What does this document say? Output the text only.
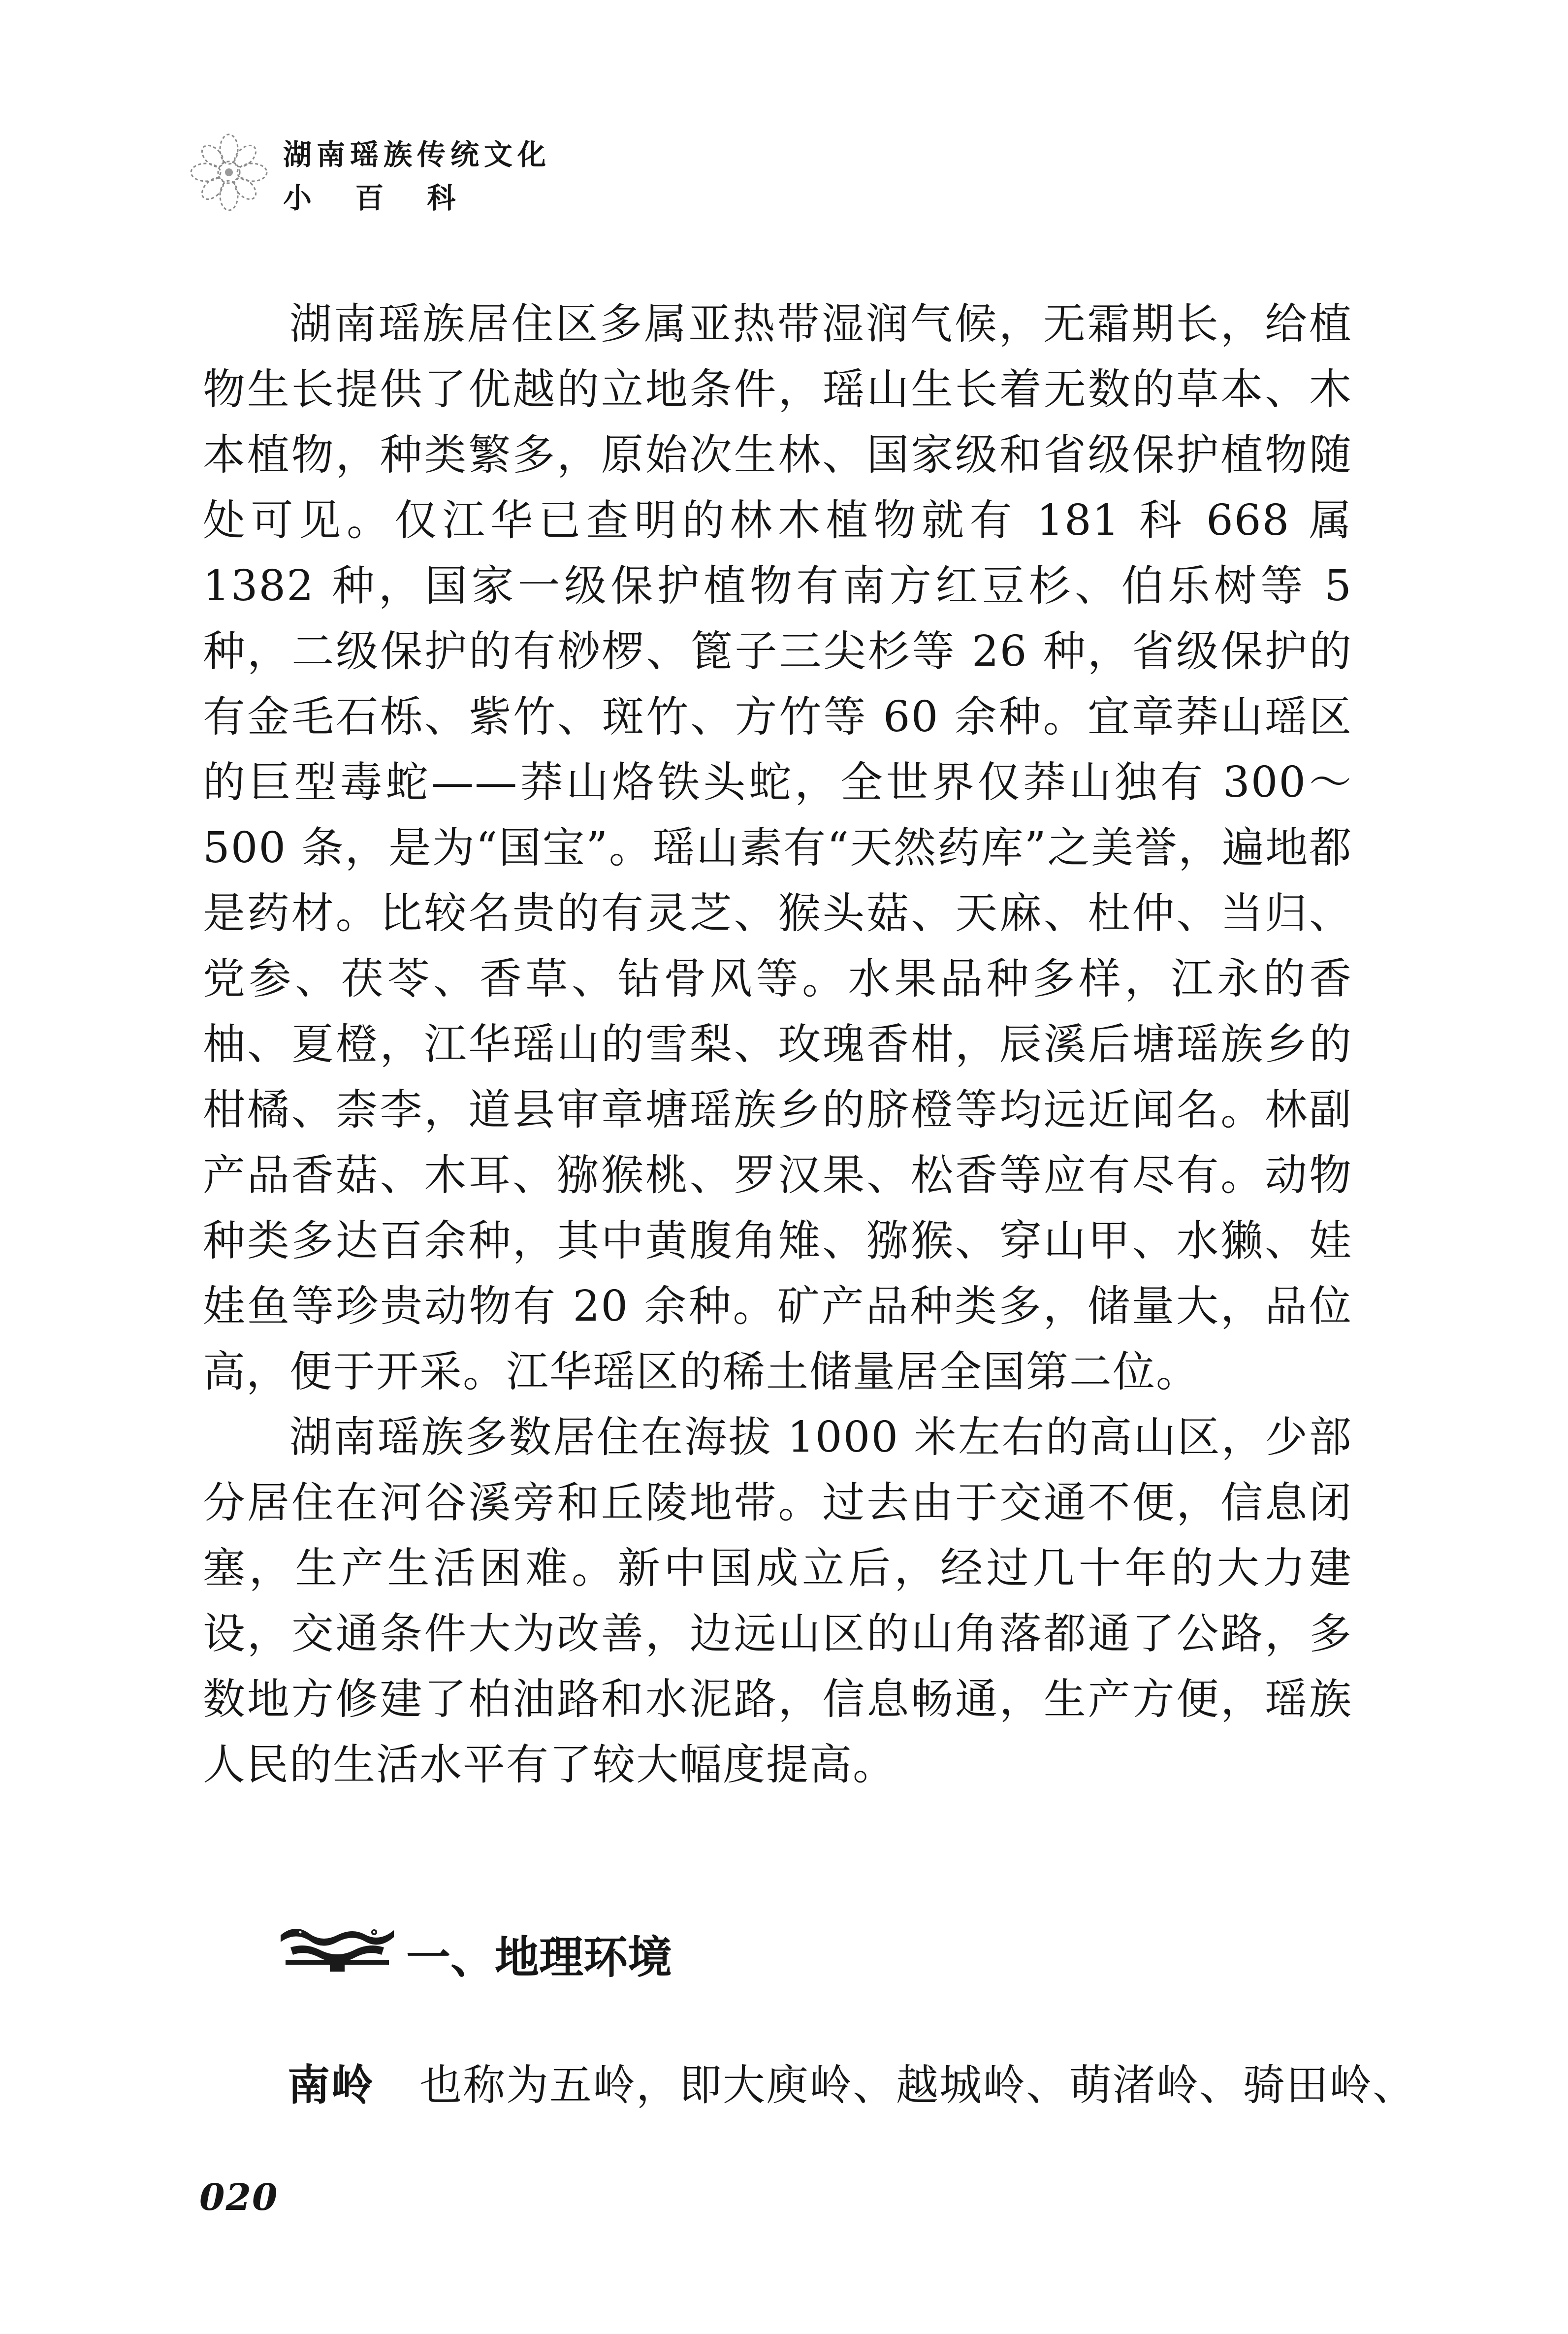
湖南瑶族传统文化
小 百 科

湖南瑶族居住区多属亚热带湿润气候，无霜期长，给植物生长提供了优越的立地条件，瑶山生长着无数的草本、木本植物，种类繁多，原始次生林、国家级和省级保护植物随处可见。仅江华已查明的林木植物就有 181 科 668 属 1382 种，国家一级保护植物有南方红豆杉、伯乐树等 5 种，二级保护的有桫椤、篦子三尖杉等 26 种，省级保护的有金毛石栎、紫竹、斑竹、方竹等 60 余种。宜章莽山瑶区的巨型毒蛇——莽山烙铁头蛇，全世界仅莽山独有 300～500 条，是为“国宝”。瑶山素有“天然药库”之美誉，遍地都是药材。比较名贵的有灵芝、猴头菇、天麻、杜仲、当归、党参、茯苓、香草、钻骨风等。水果品种多样，江永的香柚、夏橙，江华瑶山的雪梨、玫瑰香柑，辰溪后塘瑶族乡的柑橘、柰李，道县审章塘瑶族乡的脐橙等均远近闻名。林副产品香菇、木耳、猕猴桃、罗汉果、松香等应有尽有。动物种类多达百余种，其中黄腹角雉、猕猴、穿山甲、水獭、娃娃鱼等珍贵动物有 20 余种。矿产品种类多，储量大，品位高，便于开采。江华瑶区的稀土储量居全国第二位。

湖南瑶族多数居住在海拔 1000 米左右的高山区，少部分居住在河谷溪旁和丘陵地带。过去由于交通不便，信息闭塞，生产生活困难。新中国成立后，经过几十年的大力建设，交通条件大为改善，边远山区的山角落都通了公路，多数地方修建了柏油路和水泥路，信息畅通，生产方便，瑶族人民的生活水平有了较大幅度提高。

一、地理环境
南岭 也称为五岭，即大庾岭、越城岭、萌渚岭、骑田岭、
020
